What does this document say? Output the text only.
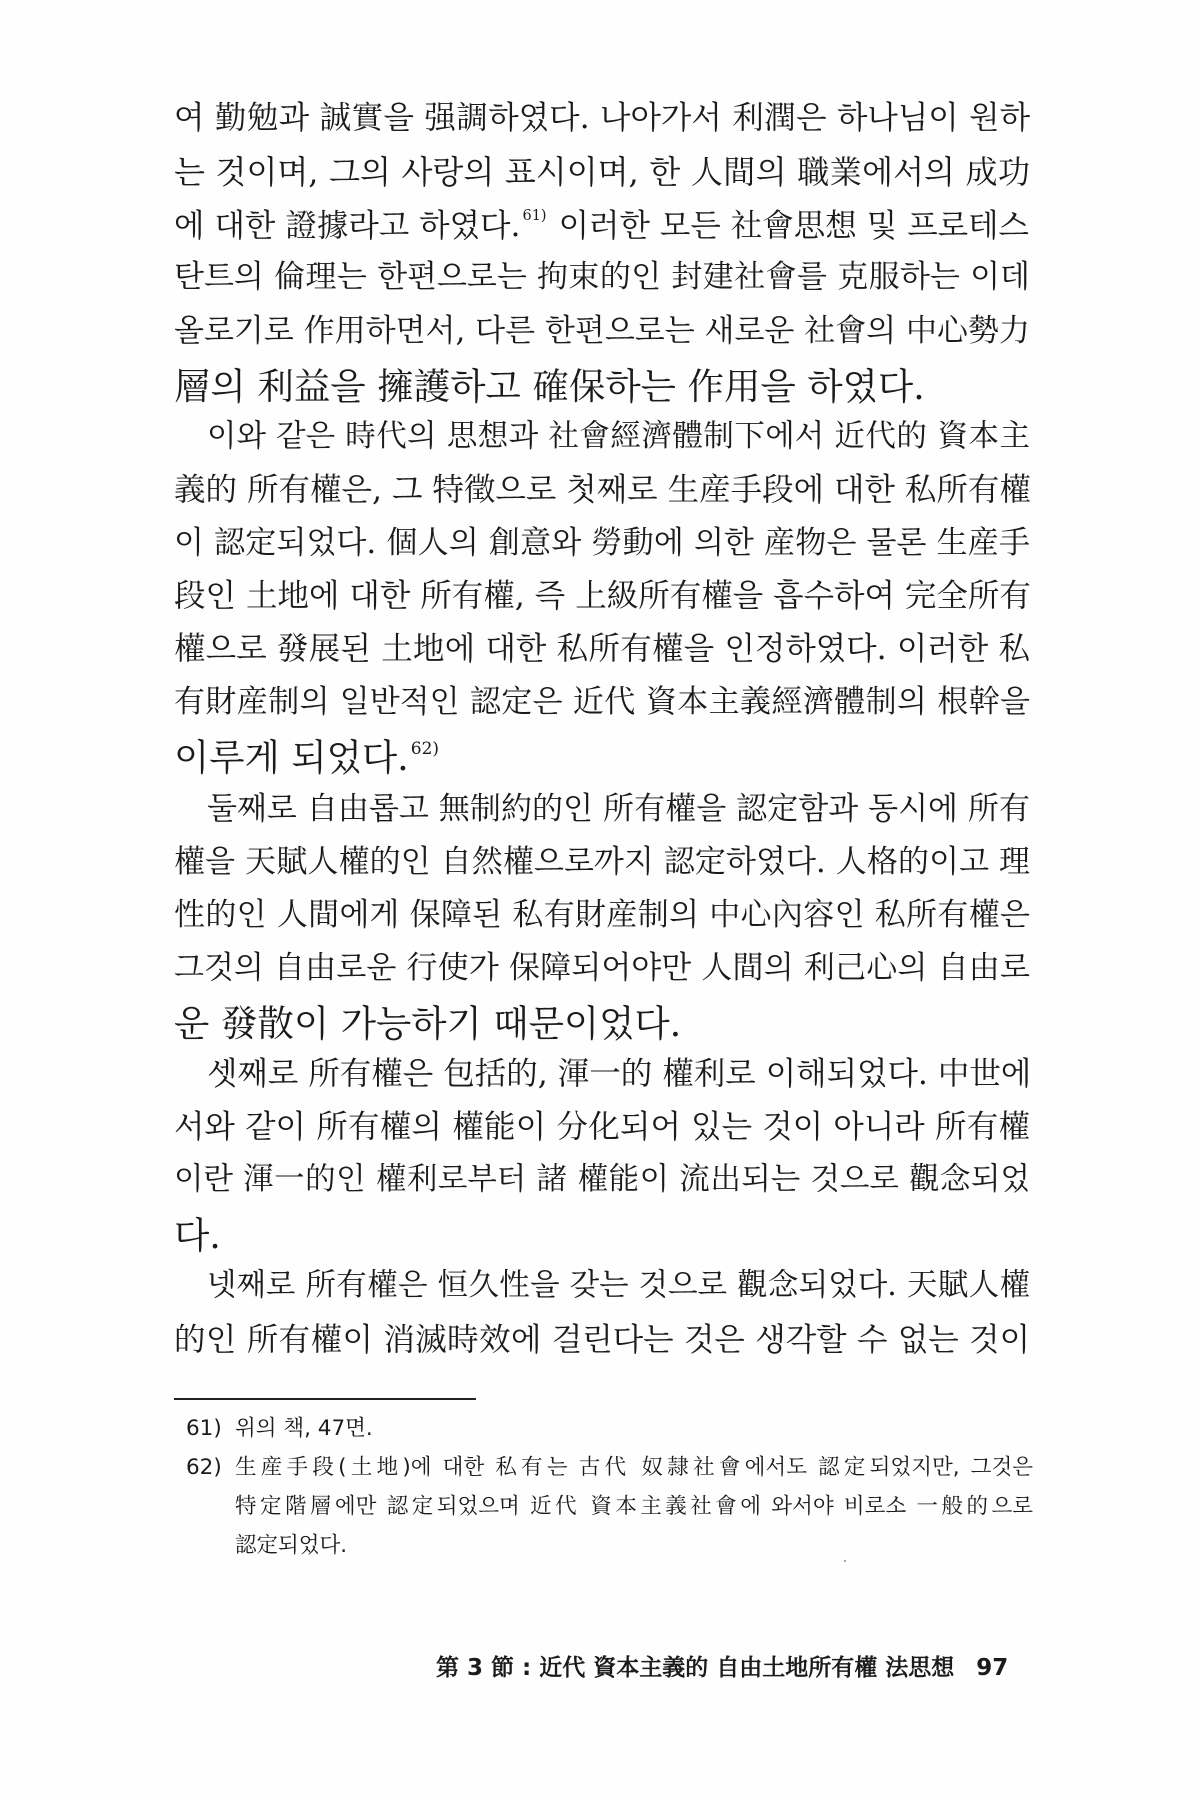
여 勤勉과 誠實을 强調하였다. 나아가서 利潤은 하나님이 원하
는 것이며, 그의 사랑의 표시이며, 한 人間의 職業에서의 成功
에 대한 證據라고 하였다. $^{61)}$ 이러한 모든 社會思想 및 프로테스
탄트의 倫理는 한편으로는 拘束的인 封建社會를 克服하는 이데
올로기로 作用하면서, 다른 한편으로는 새로운 社會의 中心勢力
層의 利益을 擁護하고 確保하는 作用을 하였다.
이와 같은 時代의 思想과 社會經濟體制下에서 近代的 資本主
義的 所有權은, 그 特徵으로 첫째로 生産手段에 대한 私所有權
이 認定되었다. 個人의 創意와 勞動에 의한 産物은 물론 生産手
段인 土地에 대한 所有權, 즉 上級所有權을 흡수하여 完全所有
權으로 發展된 土地에 대한 私所有權을 인정하였다. 이러한 私
有財産制의 일반적인 認定은 近代 資本主義經濟體制의 根幹을
이루게 되었다. $^{62)}$
둘째로 自由롭고 無制約的인 所有權을 認定함과 동시에 所有
權을 天賦人權的인 自然權으로까지 認定하였다. 人格的이고 理
性的인 人間에게 保障된 私有財産制의 中心內容인 私所有權은
그것의 自由로운 行使가 保障되어야만 人間의 利己心의 自由로
운 發散이 가능하기 때문이었다.
셋째로 所有權은 包括的, 渾一的 權利로 이해되었다. 中世에
서와 같이 所有權의 權能이 分化되어 있는 것이 아니라 所有權
이란 渾一的인 權利로부터 諸 權能이 流出되는 것으로 觀念되었
다.
넷째로 所有權은 恒久性을 갖는 것으로 觀念되었다. 天賦人權
的인 所有權이 消滅時效에 걸린다는 것은 생각할 수 없는 것이
61) 위의 책, 47면.
62) 生産手段(土地)에 대한 私有는 古代 奴隷社會에서도 認定되었지만, 그것은
特定階層에만 認定되었으며 近代 資本主義社會에 와서야 비로소 一般的으로
認定되었다.
第 3 節 : 近代 資本主義的 自由土地所有權 法思想 97
